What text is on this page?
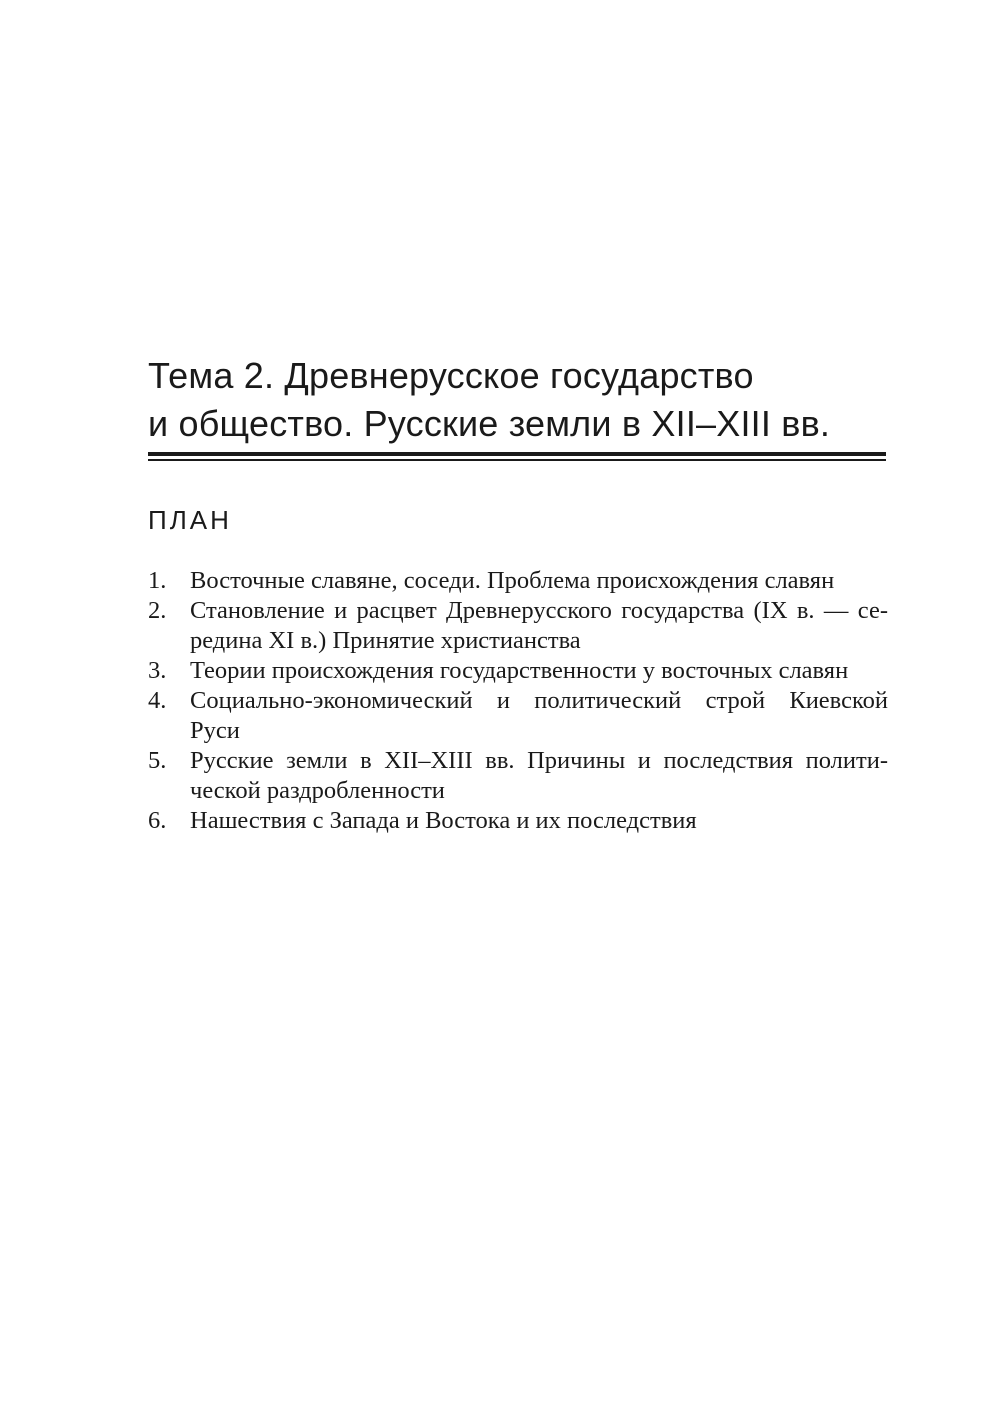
Тема 2. Древнерусское государство
и общество. Русские земли в XII–XIII вв.
ПЛАН
1. Восточные славяне, соседи. Проблема происхождения славян
2. Становление и расцвет Древнерусского государства (IX в. — се-
редина XI в.) Принятие христианства
3. Теории происхождения государственности у восточных славян
4. Социально-экономический и политический строй Киевской
Руси
5. Русские земли в XII–XIII вв. Причины и последствия полити-
ческой раздробленности
6. Нашествия с Запада и Востока и их последствия
